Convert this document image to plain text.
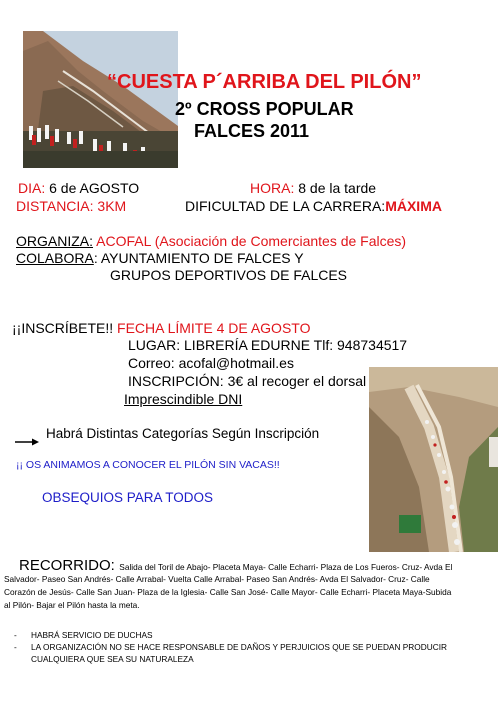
“CUESTA P´ARRIBA DEL PILÓN”
2º CROSS POPULAR
FALCES 2011
DIA: 6 de AGOSTO	HORA: 8 de la tarde
DISTANCIA: 3KM	DIFICULTAD DE LA CARRERA:MÁXIMA
ORGANIZA: ACOFAL (Asociación de Comerciantes de Falces)
COLABORA: AYUNTAMIENTO DE FALCES Y
GRUPOS DEPORTIVOS DE FALCES
¡¡INSCRÍBETE!! FECHA LÍMITE 4 DE AGOSTO
LUGAR: LIBRERÍA EDURNE Tlf: 948734517
Correo: acofal@hotmail.es
INSCRIPCIÓN: 3€ al recoger el dorsal
Imprescindible DNI
Habrá Distintas Categorías Según Inscripción
¡¡ OS ANIMAMOS A CONOCER EL PILÓN SIN VACAS!!
OBSEQUIOS PARA TODOS
RECORRIDO: Salida del Toril de Abajo- Placeta Maya- Calle Echarri- Plaza de Los Fueros- Cruz- Avda El
Salvador- Paseo San Andrés- Calle Arrabal- Vuelta Calle Arrabal- Paseo San Andrés- Avda El Salvador- Cruz- Calle
Corazón de Jesús- Calle San Juan- Plaza de la Iglesia- Calle San José- Calle Mayor- Calle Echarri- Placeta Maya-Subida
al Pilón- Bajar el Pilón hasta la meta.
- HABRÁ SERVICIO DE DUCHAS
- LA ORGANIZACIÓN NO SE HACE RESPONSABLE DE DAÑOS Y PERJUICIOS QUE SE PUEDAN PRODUCIR
CUALQUIERA QUE SEA SU NATURALEZA
